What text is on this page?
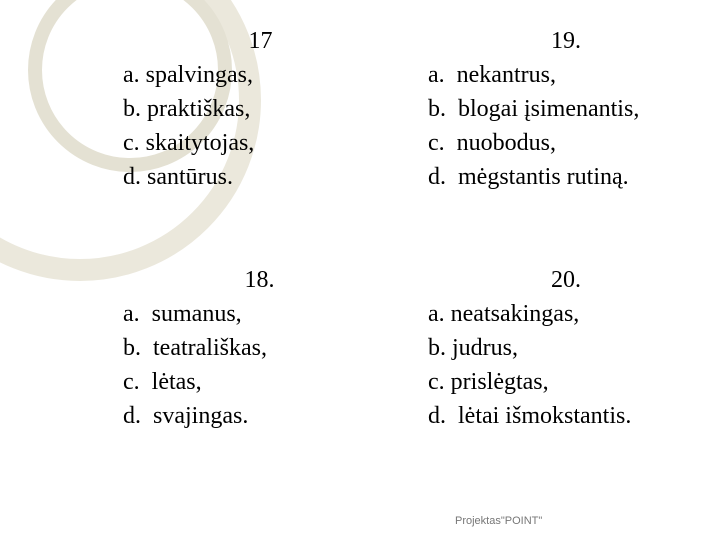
17
a. spalvingas,
b. praktiškas,
c. skaitytojas,
d. santūrus.
19.
a.  nekantrus,
b.  blogai įsimenantis,
c.  nuobodus,
d.  mėgstantis rutiną.
18.
a.  sumanus,
b.  teatrališkas,
c.  lėtas,
d.  svajingas.
20.
a. neatsakingas,
b. judrus,
c. prislėgtas,
d.  lėtai išmokstantis.
Projektas"POINT"
